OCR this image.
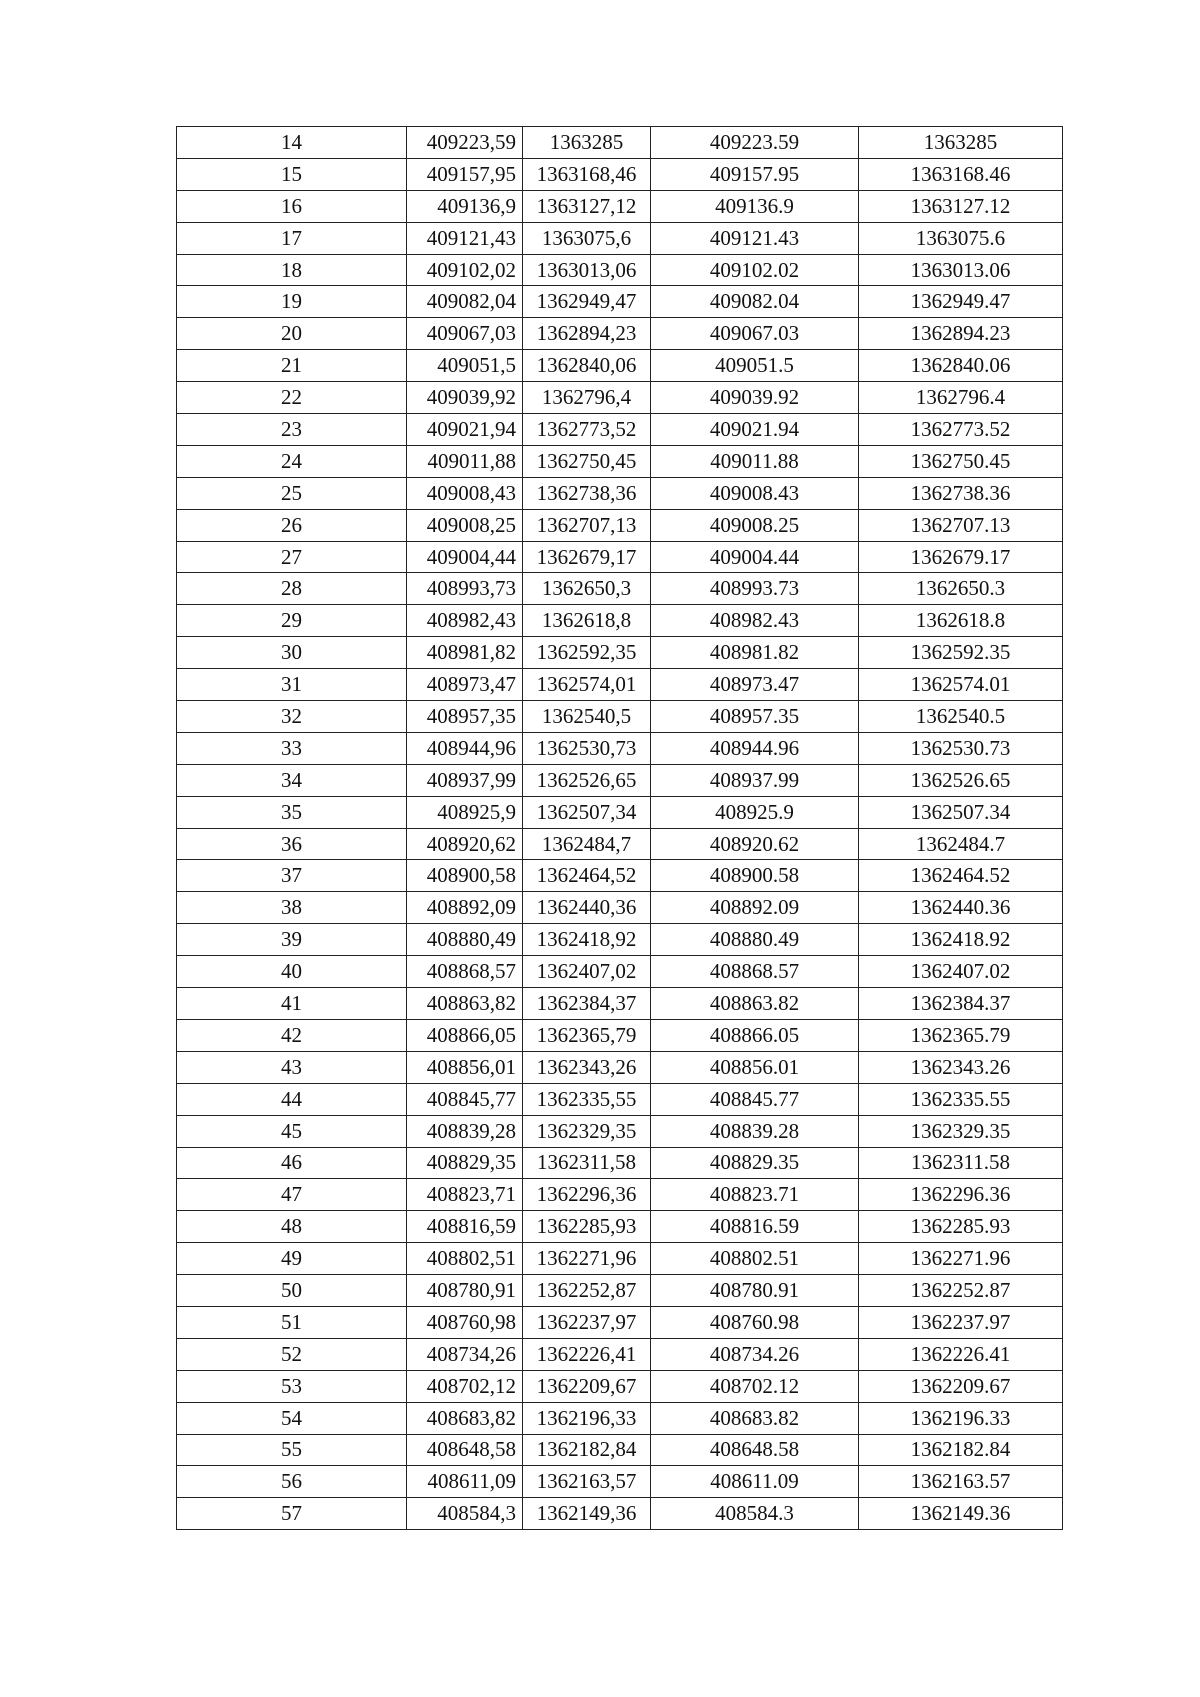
14	409223,59	1363285	409223.59	1363285
15	409157,95	1363168,46	409157.95	1363168.46
16	409136,9	1363127,12	409136.9	1363127.12
17	409121,43	1363075,6	409121.43	1363075.6
18	409102,02	1363013,06	409102.02	1363013.06
19	409082,04	1362949,47	409082.04	1362949.47
20	409067,03	1362894,23	409067.03	1362894.23
21	409051,5	1362840,06	409051.5	1362840.06
22	409039,92	1362796,4	409039.92	1362796.4
23	409021,94	1362773,52	409021.94	1362773.52
24	409011,88	1362750,45	409011.88	1362750.45
25	409008,43	1362738,36	409008.43	1362738.36
26	409008,25	1362707,13	409008.25	1362707.13
27	409004,44	1362679,17	409004.44	1362679.17
28	408993,73	1362650,3	408993.73	1362650.3
29	408982,43	1362618,8	408982.43	1362618.8
30	408981,82	1362592,35	408981.82	1362592.35
31	408973,47	1362574,01	408973.47	1362574.01
32	408957,35	1362540,5	408957.35	1362540.5
33	408944,96	1362530,73	408944.96	1362530.73
34	408937,99	1362526,65	408937.99	1362526.65
35	408925,9	1362507,34	408925.9	1362507.34
36	408920,62	1362484,7	408920.62	1362484.7
37	408900,58	1362464,52	408900.58	1362464.52
38	408892,09	1362440,36	408892.09	1362440.36
39	408880,49	1362418,92	408880.49	1362418.92
40	408868,57	1362407,02	408868.57	1362407.02
41	408863,82	1362384,37	408863.82	1362384.37
42	408866,05	1362365,79	408866.05	1362365.79
43	408856,01	1362343,26	408856.01	1362343.26
44	408845,77	1362335,55	408845.77	1362335.55
45	408839,28	1362329,35	408839.28	1362329.35
46	408829,35	1362311,58	408829.35	1362311.58
47	408823,71	1362296,36	408823.71	1362296.36
48	408816,59	1362285,93	408816.59	1362285.93
49	408802,51	1362271,96	408802.51	1362271.96
50	408780,91	1362252,87	408780.91	1362252.87
51	408760,98	1362237,97	408760.98	1362237.97
52	408734,26	1362226,41	408734.26	1362226.41
53	408702,12	1362209,67	408702.12	1362209.67
54	408683,82	1362196,33	408683.82	1362196.33
55	408648,58	1362182,84	408648.58	1362182.84
56	408611,09	1362163,57	408611.09	1362163.57
57	408584,3	1362149,36	408584.3	1362149.36
